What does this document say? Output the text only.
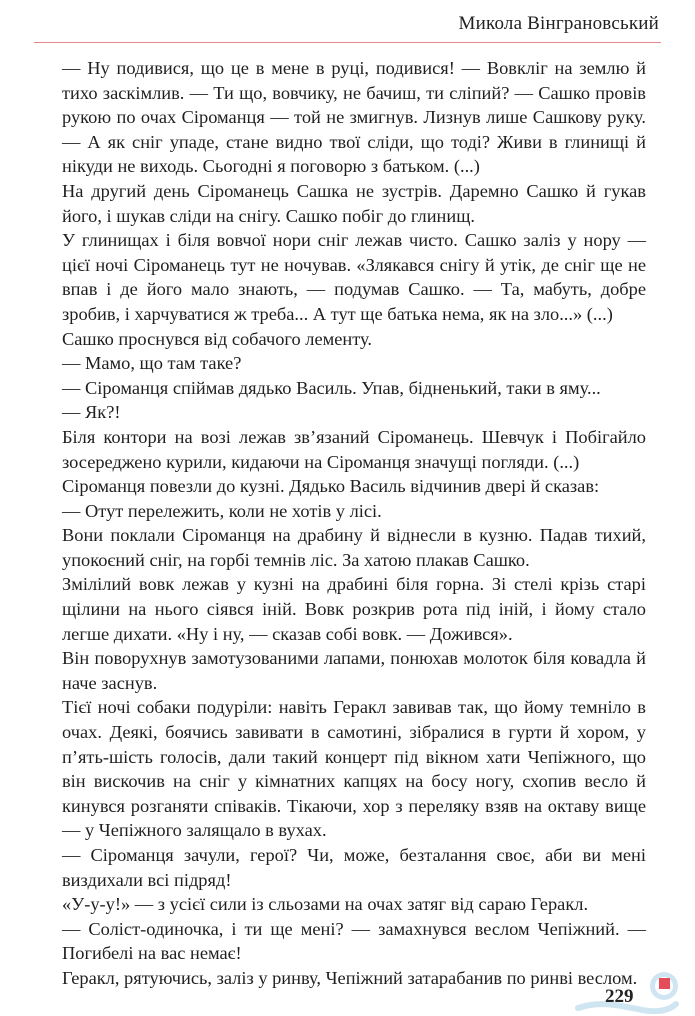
Микола Вінграновський

— Ну подивися, що це в мене в руці, подивися! — Вовкліг на землю й тихо заскімлив. — Ти що, вовчику, не бачиш, ти сліпий? — Сашко провів рукою по очах Сіроманця — той не змигнув. Лизнув лише Сашкову руку. — А як сніг упаде, стане видно твої сліди, що тоді? Живи в глинищі й нікуди не виходь. Сьогодні я поговорю з батьком. (...)

На другий день Сіроманець Сашка не зустрів. Даремно Сашко й гукав його, і шукав сліди на снігу. Сашко побіг до глинищ.

У глинищах і біля вовчої нори сніг лежав чисто. Сашко заліз у нору — цієї ночі Сіроманець тут не ночував. «Злякався снігу й утік, де сніг ще не впав і де його мало знають, — подумав Сашко. — Та, мабуть, добре зробив, і харчуватися ж треба... А тут ще батька нема, як на зло...» (...)

Сашко проснувся від собачого лементу.

— Мамо, що там таке?

— Сіроманця спіймав дядько Василь. Упав, бідненький, таки в яму...

— Як?!

Біля контори на возі лежав зв’язаний Сіроманець. Шевчук і Побігайло зосереджено курили, кидаючи на Сіроманця значущі погляди. (...)

Сіроманця повезли до кузні. Дядько Василь відчинив двері й сказав:

— Отут перележить, коли не хотів у лісі.

Вони поклали Сіроманця на драбину й віднесли в кузню. Падав тихий, упокоєний сніг, на горбі темнів ліс. За хатою плакав Сашко.

Змілілий вовк лежав у кузні на драбині біля горна. Зі стелі крізь старі щілини на нього сіявся іній. Вовк розкрив рота під іній, і йому стало легше дихати. «Ну і ну, — сказав собі вовк. — Дожився».

Він поворухнув замотузованими лапами, понюхав молоток біля ковадла й наче заснув.

Тієї ночі собаки подуріли: навіть Геракл завивав так, що йому темніло в очах. Деякі, боячись завивати в самотині, зібралися в гурти й хором, у п’ять-шість голосів, дали такий концерт під вікном хати Чепіжного, що він вискочив на сніг у кімнатних капцях на босу ногу, схопив весло й кинувся розганяти співаків. Тікаючи, хор з переляку взяв на октаву вище — у Чепіжного залящало в вухах.

— Сіроманця зачули, герої? Чи, може, безталання своє, аби ви мені виздихали всі підряд!

«У-у-у!» — з усієї сили із сльозами на очах затяг від сараю Геракл.

— Соліст-одиночка, і ти ще мені? — замахнувся веслом Чепіжний. — Погибелі на вас немає!

Геракл, рятуючись, заліз у ринву, Чепіжний затарабанив по ринві веслом.

229
